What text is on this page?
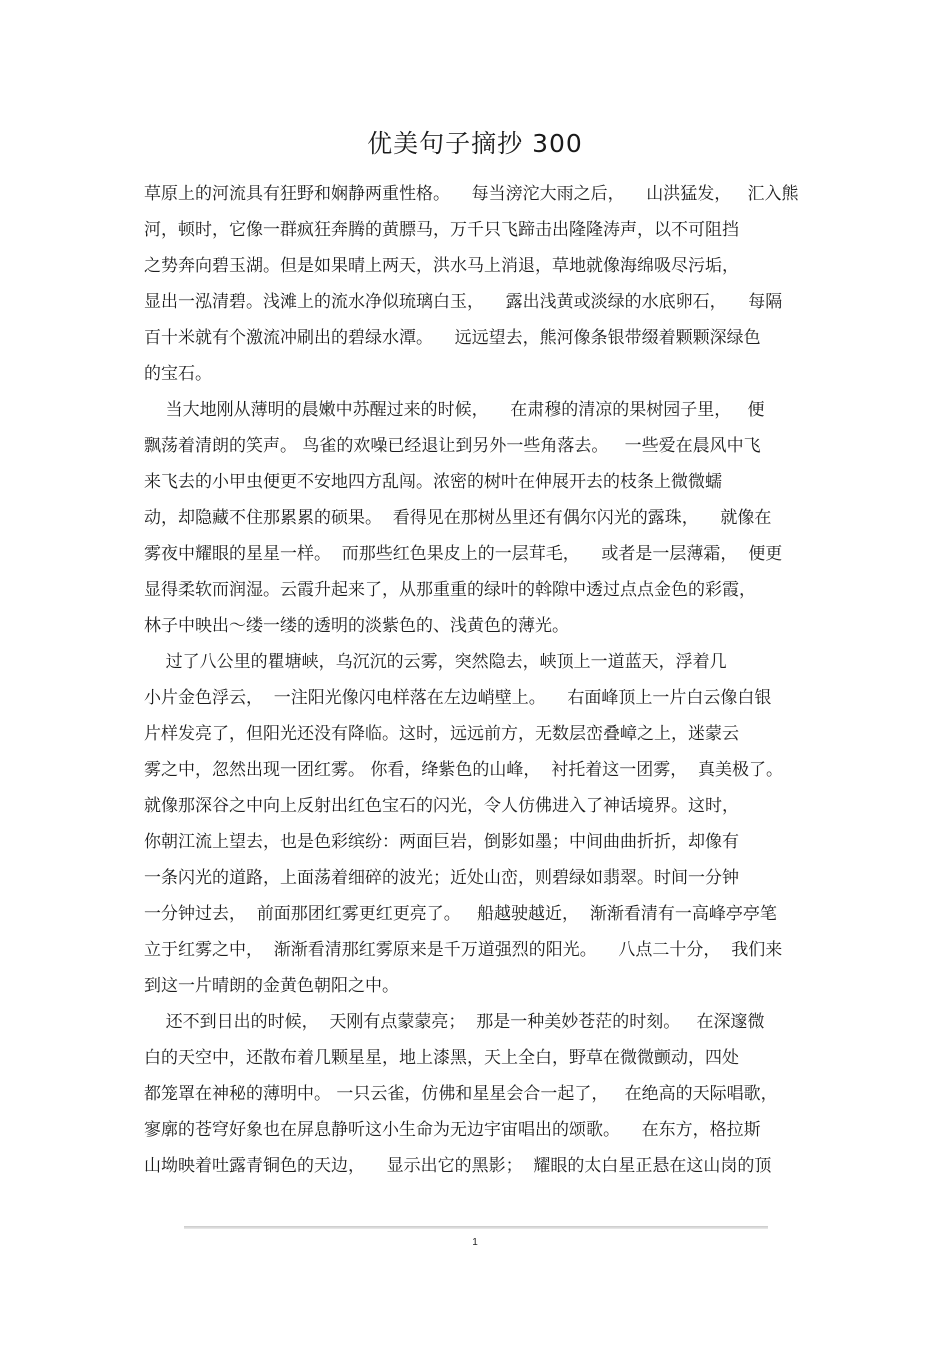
优美句子摘抄 300
草原上的河流具有狂野和娴静两重性格。    每当滂沱大雨之后，    山洪猛发，   汇入熊
河，顿时，它像一群疯狂奔腾的黄膘马，万千只飞蹄击出隆隆涛声，以不可阻挡
之势奔向碧玉湖。但是如果晴上两天，洪水马上消退，草地就像海绵吸尽污垢，
显出一泓清碧。浅滩上的流水净似琉璃白玉，    露出浅黄或淡绿的水底卵石，    每隔
百十米就有个激流冲刷出的碧绿水潭。    远远望去，熊河像条银带缀着颗颗深绿色
的宝石。
当大地刚从薄明的晨嫩中苏醒过来的时候，    在肃穆的清凉的果树园子里，   便
飘荡着清朗的笑声。 鸟雀的欢噪已经退让到另外一些角落去。   一些爱在晨风中飞
来飞去的小甲虫便更不安地四方乱闯。浓密的树叶在伸展开去的枝条上微微蠕
动，却隐藏不住那累累的硕果。  看得见在那树丛里还有偶尔闪光的露珠，    就像在
雾夜中耀眼的星星一样。  而那些红色果皮上的一层茸毛，    或者是一层薄霜，  便更
显得柔软而润湿。云霞升起来了，从那重重的绿叶的斡隙中透过点点金色的彩霞，
林子中映出～缕一缕的透明的淡紫色的、浅黄色的薄光。
过了八公里的瞿塘峡，乌沉沉的云雾，突然隐去，峡顶上一道蓝天，浮着几
小片金色浮云，  一注阳光像闪电样落在左边峭壁上。    右面峰顶上一片白云像白银
片样发亮了，但阳光还没有降临。这时，远远前方，无数层峦叠嶂之上，迷蒙云
雾之中，忽然出现一团红雾。 你看，绛紫色的山峰，  衬托着这一团雾，  真美极了。
就像那深谷之中向上反射出红色宝石的闪光，令人仿佛进入了神话境界。这时，
你朝江流上望去，也是色彩缤纷：两面巨岩，倒影如墨；中间曲曲折折，却像有
一条闪光的道路，上面荡着细碎的波光；近处山峦，则碧绿如翡翠。时间一分钟
一分钟过去，  前面那团红雾更红更亮了。   船越驶越近，  渐渐看清有一高峰亭亭笔
立于红雾之中，  渐渐看清那红雾原来是千万道强烈的阳光。    八点二十分，  我们来
到这一片晴朗的金黄色朝阳之中。
还不到日出的时候，  天刚有点蒙蒙亮；  那是一种美妙苍茫的时刻。   在深邃微
白的天空中，还散布着几颗星星，地上漆黑，天上全白，野草在微微颤动，四处
都笼罩在神秘的薄明中。 一只云雀，仿佛和星星会合一起了，   在绝高的天际唱歌，
寥廓的苍穹好象也在屏息静听这小生命为无边宇宙唱出的颂歌。    在东方，格拉斯
山坳映着吐露青铜色的天边，    显示出它的黑影；  耀眼的太白星正悬在这山岗的顶
1
